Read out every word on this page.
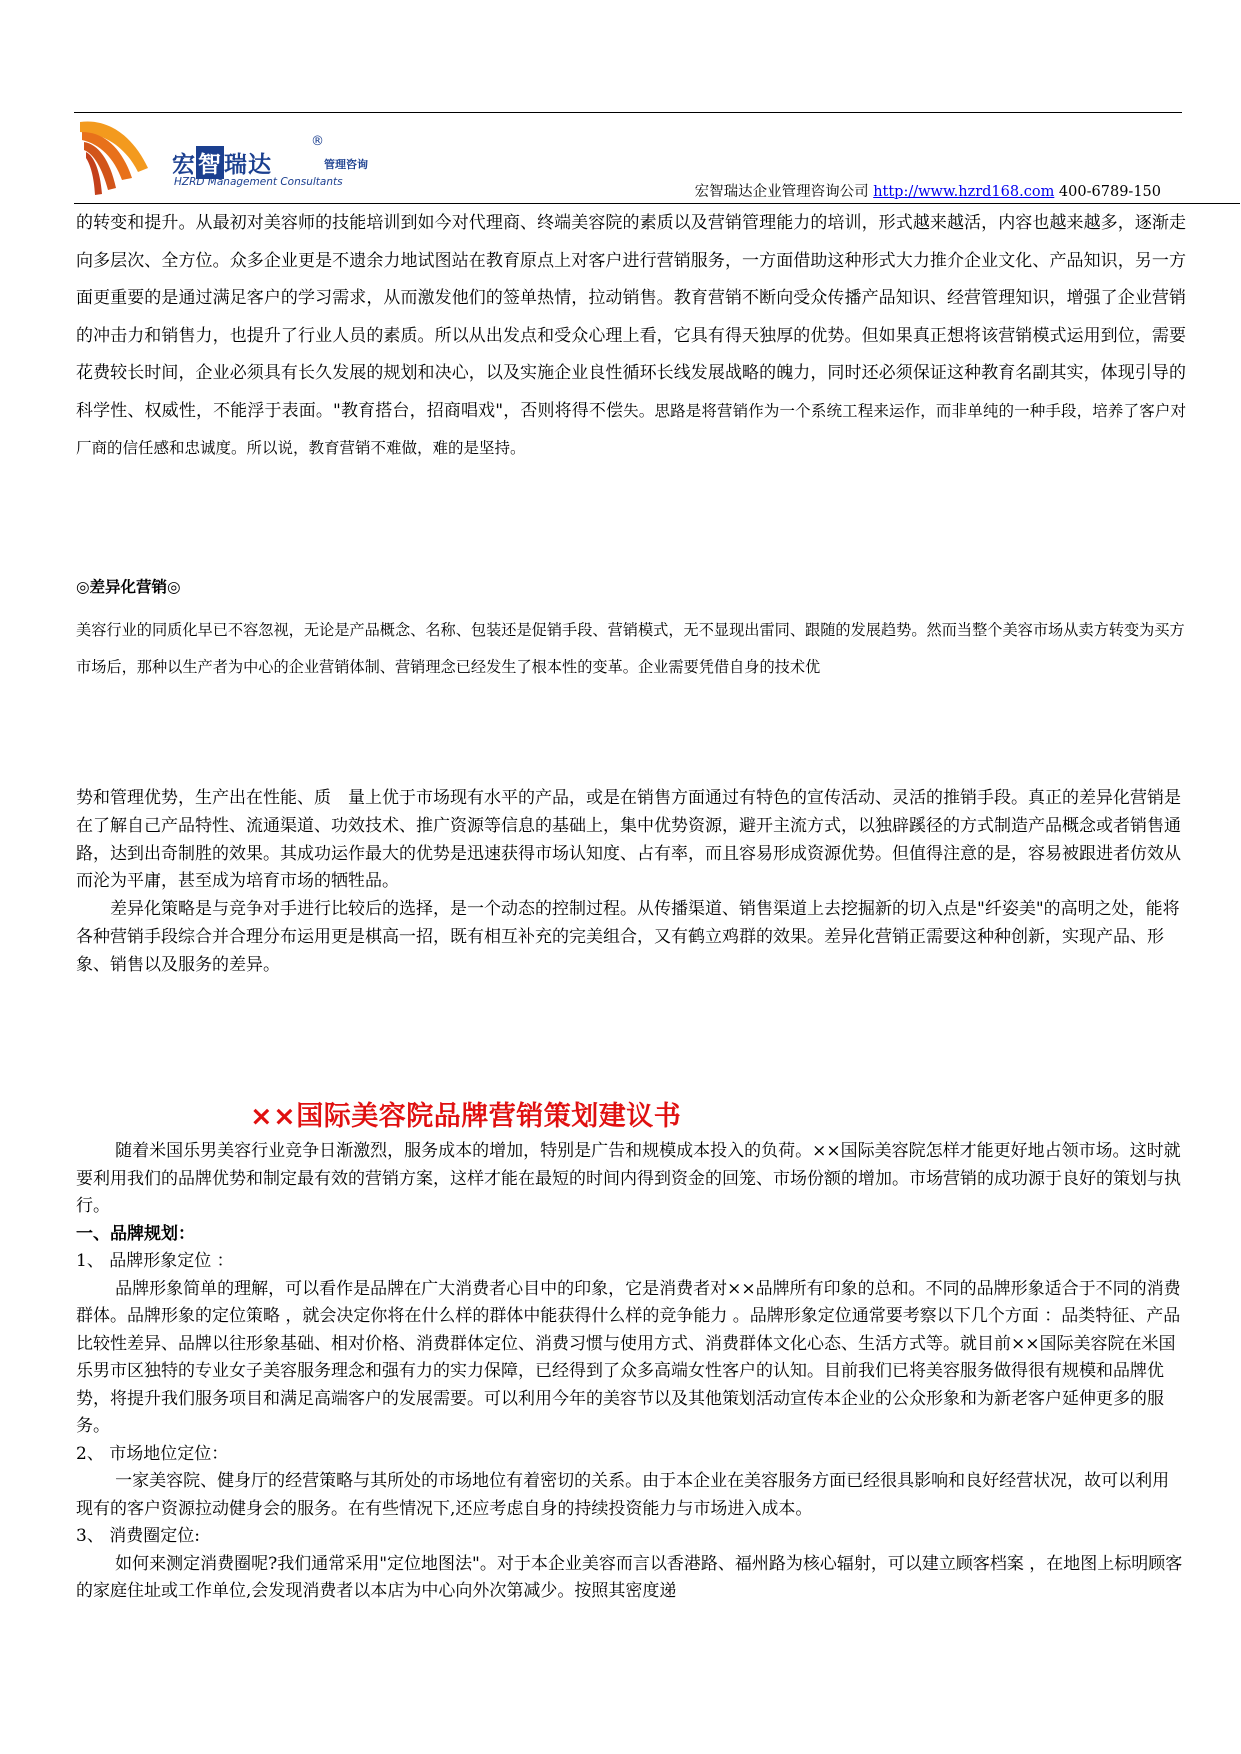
宏智瑞达
®
管理咨询
HZRD Management Consultants
宏智瑞达企业管理咨询公司 http://www.hzrd168.com 400-6789-150
的转变和提升。从最初对美容师的技能培训到如今对代理商、终端美容院的素质以及营销管理能力的培训，形式越来越活，内容也越来越多，逐渐走向多层次、全方位。众多企业更是不遗余力地试图站在教育原点上对客户进行营销服务，一方面借助这种形式大力推介企业文化、产品知识，另一方面更重要的是通过满足客户的学习需求，从而激发他们的签单热情，拉动销售。教育营销不断向受众传播产品知识、经营管理知识，增强了企业营销的冲击力和销售力，也提升了行业人员的素质。所以从出发点和受众心理上看，它具有得天独厚的优势。但如果真正想将该营销模式运用到位，需要花费较长时间，企业必须具有长久发展的规划和决心，以及实施企业良性循环长线发展战略的魄力，同时还必须保证这种教育名副其实，体现引导的科学性、权威性，不能浮于表面。"教育搭台，招商唱戏"，否则将得不偿失。思路是将营销作为一个系统工程来运作，而非单纯的一种手段，培养了客户对厂商的信任感和忠诚度。所以说，教育营销不难做，难的是坚持。
◎差异化营销◎
美容行业的同质化早已不容忽视，无论是产品概念、名称、包装还是促销手段、营销模式，无不显现出雷同、跟随的发展趋势。然而当整个美容市场从卖方转变为买方市场后，那种以生产者为中心的企业营销体制、营销理念已经发生了根本性的变革。企业需要凭借自身的技术优
势和管理优势，生产出在性能、质　量上优于市场现有水平的产品，或是在销售方面通过有特色的宣传活动、灵活的推销手段。真正的差异化营销是在了解自己产品特性、流通渠道、功效技术、推广资源等信息的基础上，集中优势资源，避开主流方式，以独辟蹊径的方式制造产品概念或者销售通路，达到出奇制胜的效果。其成功运作最大的优势是迅速获得市场认知度、占有率，而且容易形成资源优势。但值得注意的是，容易被跟进者仿效从而沦为平庸，甚至成为培育市场的牺牲品。
差异化策略是与竞争对手进行比较后的选择，是一个动态的控制过程。从传播渠道、销售渠道上去挖掘新的切入点是"纤姿美"的高明之处，能将各种营销手段综合并合理分布运用更是棋高一招，既有相互补充的完美组合，又有鹤立鸡群的效果。差异化营销正需要这种种创新，实现产品、形象、销售以及服务的差异。
××国际美容院品牌营销策划建议书

随着米国乐男美容行业竞争日渐激烈，服务成本的增加，特别是广告和规模成本投入的负荷。××国际美容院怎样才能更好地占领市场。这时就要利用我们的品牌优势和制定最有效的营销方案，这样才能在最短的时间内得到资金的回笼、市场份额的增加。市场营销的成功源于良好的策划与执行。

一、品牌规划：

1、 品牌形象定位 ：

品牌形象简单的理解，可以看作是品牌在广大消费者心目中的印象，它是消费者对××品牌所有印象的总和。不同的品牌形象适合于不同的消费群体。品牌形象的定位策略 ，就会决定你将在什么样的群体中能获得什么样的竞争能力 。品牌形象定位通常要考察以下几个方面 ：品类特征、产品比较性差异、品牌以往形象基础、相对价格、消费群体定位、消费习惯与使用方式、消费群体文化心态、生活方式等。就目前××国际美容院在米国乐男市区独特的专业女子美容服务理念和强有力的实力保障，已经得到了众多高端女性客户的认知。目前我们已将美容服务做得很有规模和品牌优势，将提升我们服务项目和满足高端客户的发展需要。可以利用今年的美容节以及其他策划活动宣传本企业的公众形象和为新老客户延伸更多的服务。

2、 市场地位定位：

一家美容院、健身厅的经营策略与其所处的市场地位有着密切的关系。由于本企业在美容服务方面已经很具影响和良好经营状况，故可以利用现有的客户资源拉动健身会的服务。在有些情况下,还应考虑自身的持续投资能力与市场进入成本。

3、 消费圈定位:

如何来测定消费圈呢?我们通常采用"定位地图法"。对于本企业美容而言以香港路、福州路为核心辐射，可以建立顾客档案 ，在地图上标明顾客的家庭住址或工作单位,会发现消费者以本店为中心向外次第减少。按照其密度递
